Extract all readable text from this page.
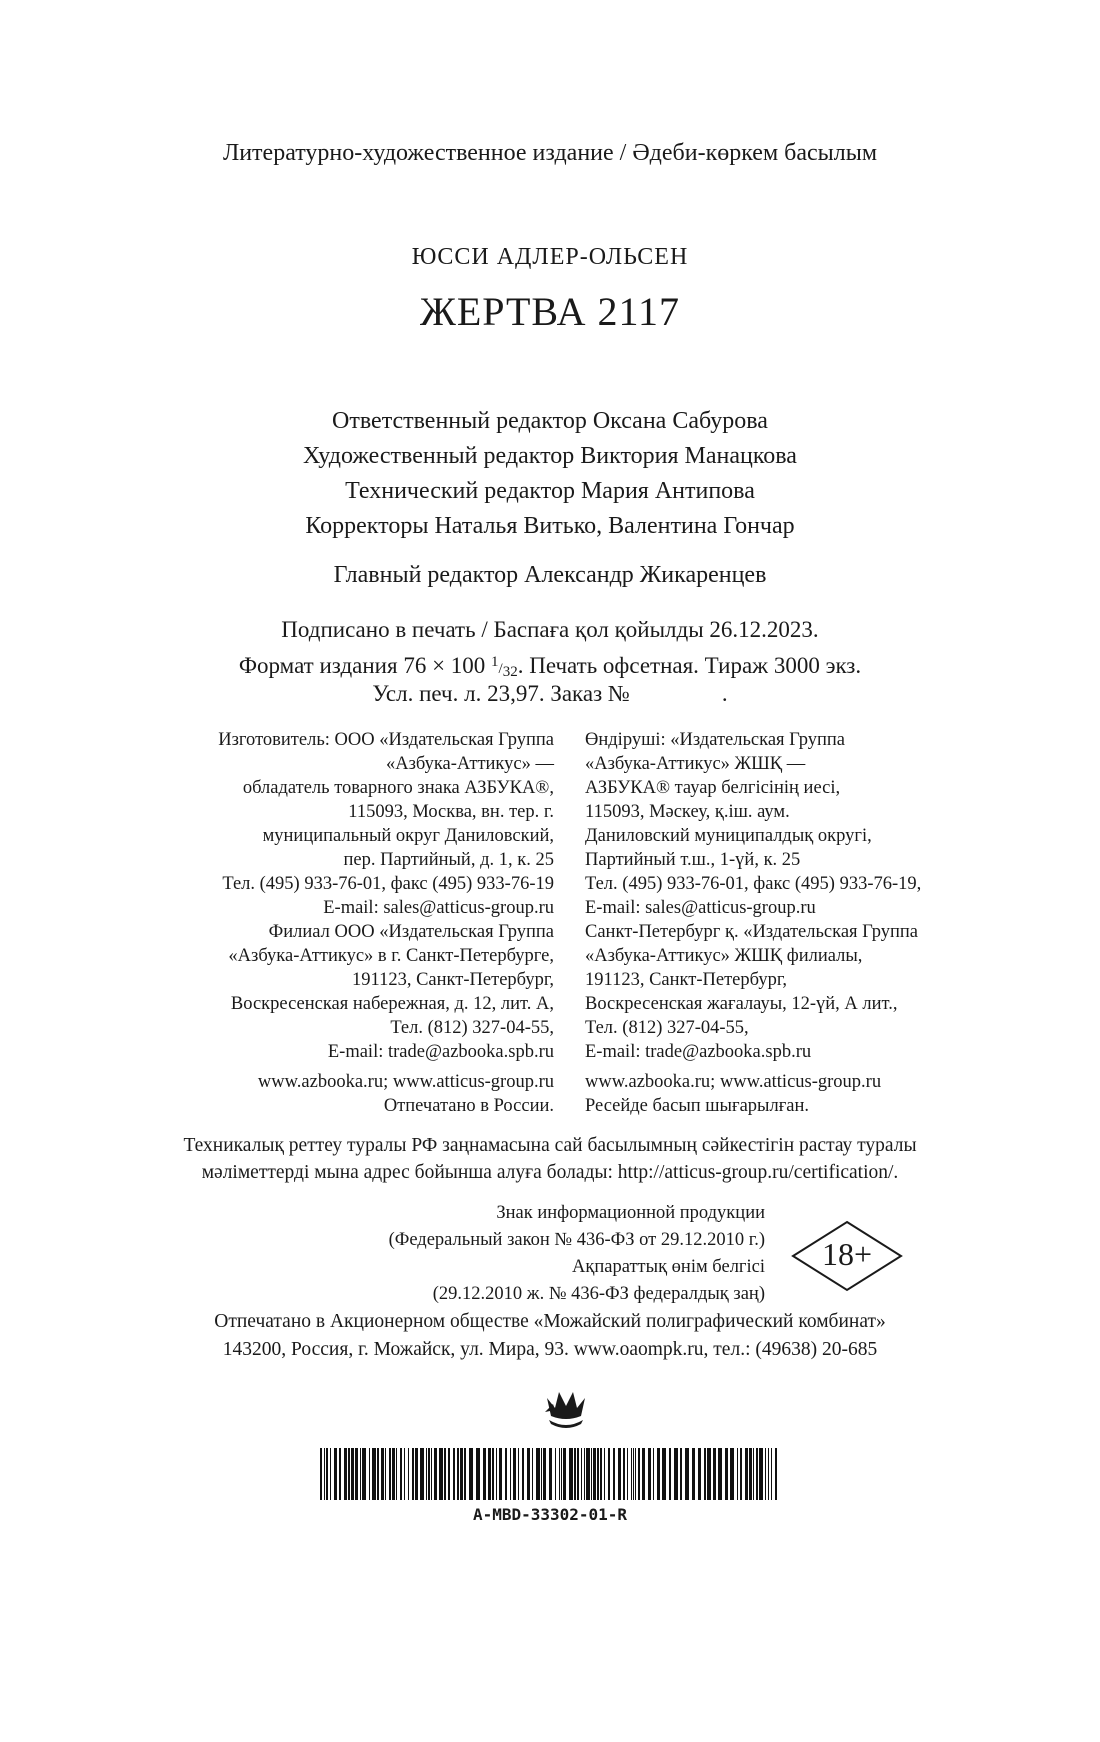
Литературно-художественное издание / Әдеби-көркем басылым
ЮССИ АДЛЕР-ОЛЬСЕН
ЖЕРТВА 2117
Ответственный редактор Оксана Сабурова
Художественный редактор Виктория Манацкова
Технический редактор Мария Антипова
Корректоры Наталья Витько, Валентина Гончар
Главный редактор Александр Жикаренцев
Подписано в печать / Баспаға қол қойылды 26.12.2023.
Формат издания 76 × 100 1/32. Печать офсетная. Тираж 3000 экз.
Усл. печ. л. 23,97. Заказ №                .
Изготовитель: ООО «Издательская Группа
«Азбука-Аттикус» —
обладатель товарного знака АЗБУКА®,
115093, Москва, вн. тер. г.
муниципальный округ Даниловский,
пер. Партийный, д. 1, к. 25
Тел. (495) 933-76-01, факс (495) 933-76-19
E-mail: sales@atticus-group.ru
Өндіруші: «Издательская Группа
«Азбука-Аттикус» ЖШҚ —
АЗБУКА® тауар белгісінің иесі,
115093, Мәскеу, қ.іш. аум.
Даниловский муниципалдық округі,
Партийный т.ш., 1-үй, к. 25
Тел. (495) 933-76-01, факс (495) 933-76-19,
E-mail: sales@atticus-group.ru
Филиал ООО «Издательская Группа
«Азбука-Аттикус» в г. Санкт-Петербурге,
191123, Санкт-Петербург,
Воскресенская набережная, д. 12, лит. А,
Тел. (812) 327-04-55,
E-mail: trade@azbooka.spb.ru
Санкт-Петербург қ. «Издательская Группа
«Азбука-Аттикус» ЖШҚ филиалы,
191123, Санкт-Петербург,
Воскресенская жағалауы, 12-үй, А лит.,
Тел. (812) 327-04-55,
E-mail: trade@azbooka.spb.ru
www.azbooka.ru; www.atticus-group.ru
Отпечатано в России.
www.azbooka.ru; www.atticus-group.ru
Ресейде басып шығарылған.
Техникалық реттеу туралы РФ заңнамасына сай басылымның сәйкестігін растау туралы
мәліметтерді мына адрес бойынша алуға болады: http://atticus-group.ru/certification/.
Знак информационной продукции
(Федеральный закон № 436-ФЗ от 29.12.2010 г.)
Ақпараттық өнім белгісі
(29.12.2010 ж. № 436-ФЗ федералдық заң)
18+
Отпечатано в Акционерном обществе «Можайский полиграфический комбинат»
143200, Россия, г. Можайск, ул. Мира, 93. www.oaompk.ru, тел.: (49638) 20-685
A-MBD-33302-01-R
